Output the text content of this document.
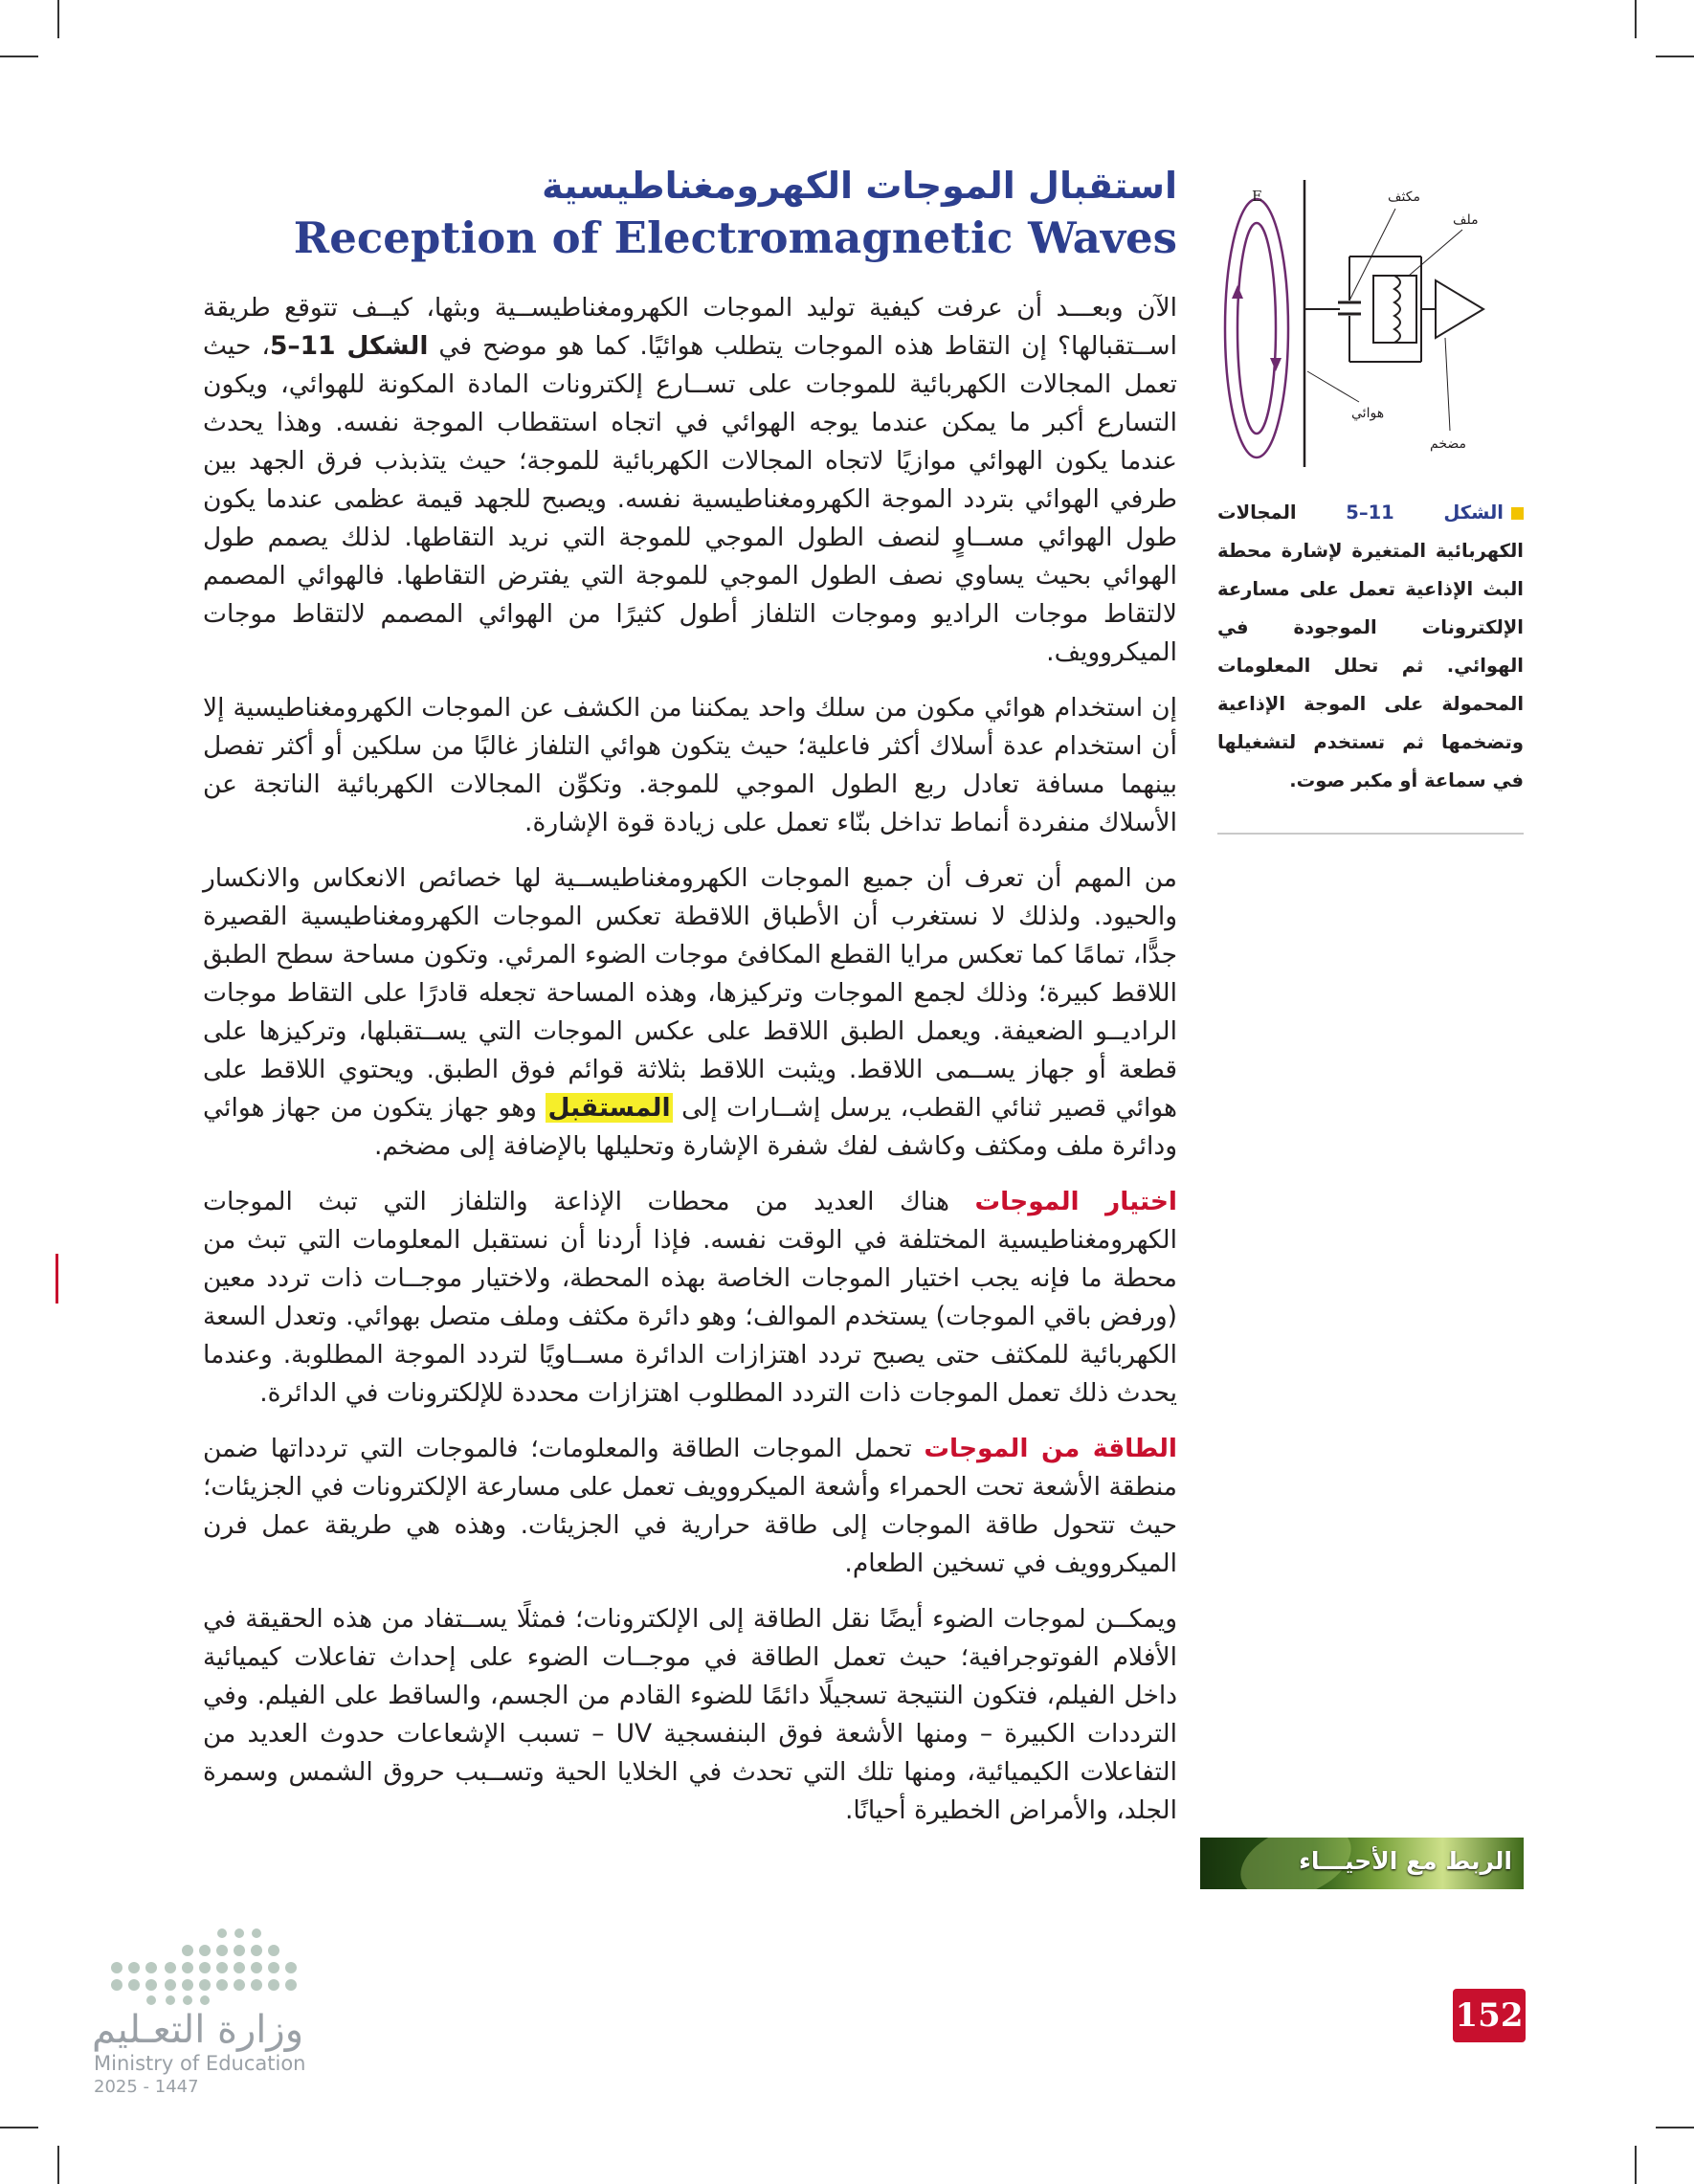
استقبال الموجات الكهرومغناطيسية
Reception of Electromagnetic Waves

الآن وبعـــد أن عرفت كيفية توليد الموجات الكهرومغناطيســية وبثها، كيــف تتوقع طريقة اســتقبالها؟ إن التقاط هذه الموجات يتطلب هوائيًا. كما هو موضح في الشكل 11–5، حيث تعمل المجالات الكهربائية للموجات على تســارع إلكترونات المادة المكونة للهوائي، ويكون التسارع أكبر ما يمكن عندما يوجه الهوائي في اتجاه استقطاب الموجة نفسه. وهذا يحدث عندما يكون الهوائي موازيًا لاتجاه المجالات الكهربائية للموجة؛ حيث يتذبذب فرق الجهد بين طرفي الهوائي بتردد الموجة الكهرومغناطيسية نفسه. ويصبح للجهد قيمة عظمى عندما يكون طول الهوائي مســاوٍ لنصف الطول الموجي للموجة التي نريد التقاطها. لذلك يصمم طول الهوائي بحيث يساوي نصف الطول الموجي للموجة التي يفترض التقاطها. فالهوائي المصمم لالتقاط موجات الراديو وموجات التلفاز أطول كثيرًا من الهوائي المصمم لالتقاط موجات الميكروويف.

إن استخدام هوائي مكون من سلك واحد يمكننا من الكشف عن الموجات الكهرومغناطيسية إلا أن استخدام عدة أسلاك أكثر فاعلية؛ حيث يتكون هوائي التلفاز غالبًا من سلكين أو أكثر تفصل بينهما مسافة تعادل ربع الطول الموجي للموجة. وتكوِّن المجالات الكهربائية الناتجة عن الأسلاك منفردة أنماط تداخل بنّاء تعمل على زيادة قوة الإشارة.

من المهم أن تعرف أن جميع الموجات الكهرومغناطيســية لها خصائص الانعكاس والانكسار والحيود. ولذلك لا نستغرب أن الأطباق اللاقطة تعكس الموجات الكهرومغناطيسية القصيرة جدًّا، تمامًا كما تعكس مرايا القطع المكافئ موجات الضوء المرئي. وتكون مساحة سطح الطبق اللاقط كبيرة؛ وذلك لجمع الموجات وتركيزها، وهذه المساحة تجعله قادرًا على التقاط موجات الراديــو الضعيفة. ويعمل الطبق اللاقط على عكس الموجات التي يســتقبلها، وتركيزها على قطعة أو جهاز يســمى اللاقط. ويثبت اللاقط بثلاثة قوائم فوق الطبق. ويحتوي اللاقط على هوائي قصير ثنائي القطب، يرسل إشــارات إلى المستقبل وهو جهاز يتكون من جهاز هوائي ودائرة ملف ومكثف وكاشف لفك شفرة الإشارة وتحليلها بالإضافة إلى مضخم.

اختيار الموجات هناك العديد من محطات الإذاعة والتلفاز التي تبث الموجات الكهرومغناطيسية المختلفة في الوقت نفسه. فإذا أردنا أن نستقبل المعلومات التي تبث من محطة ما فإنه يجب اختيار الموجات الخاصة بهذه المحطة، ولاختيار موجــات ذات تردد معين (ورفض باقي الموجات) يستخدم الموالف؛ وهو دائرة مكثف وملف متصل بهوائي. وتعدل السعة الكهربائية للمكثف حتى يصبح تردد اهتزازات الدائرة مســاويًا لتردد الموجة المطلوبة. وعندما يحدث ذلك تعمل الموجات ذات التردد المطلوب اهتزازات محددة للإلكترونات في الدائرة.

الطاقة من الموجات تحمل الموجات الطاقة والمعلومات؛ فالموجات التي تردداتها ضمن منطقة الأشعة تحت الحمراء وأشعة الميكروويف تعمل على مسارعة الإلكترونات في الجزيئات؛ حيث تتحول طاقة الموجات إلى طاقة حرارية في الجزيئات. وهذه هي طريقة عمل فرن الميكروويف في تسخين الطعام.

ويمكــن لموجات الضوء أيضًا نقل الطاقة إلى الإلكترونات؛ فمثلًا يســتفاد من هذه الحقيقة في الأفلام الفوتوجرافية؛ حيث تعمل الطاقة في موجــات الضوء على إحداث تفاعلات كيميائية داخل الفيلم، فتكون النتيجة تسجيلًا دائمًا للضوء القادم من الجسم، والساقط على الفيلم. وفي الترددات الكبيرة – ومنها الأشعة فوق البنفسجية UV – تسبب الإشعاعات حدوث العديد من التفاعلات الكيميائية، ومنها تلك التي تحدث في الخلايا الحية وتســبب حروق الشمس وسمرة الجلد، والأمراض الخطيرة أحيانًا.

E	مكثف
ملف
هوائي
مضخم
الشكل 11–5 المجالات الكهربائية المتغيرة لإشارة محطة البث الإذاعية تعمل على مسارعة الإلكترونات الموجودة في الهوائي. ثم تحلل المعلومات المحمولة على الموجة الإذاعية وتضخمها ثم تستخدم لتشغيلها في سماعة أو مكبر صوت.
الربط مع الأحيـــاء
152
وزارة التعـليم
Ministry of Education
2025 - 1447
